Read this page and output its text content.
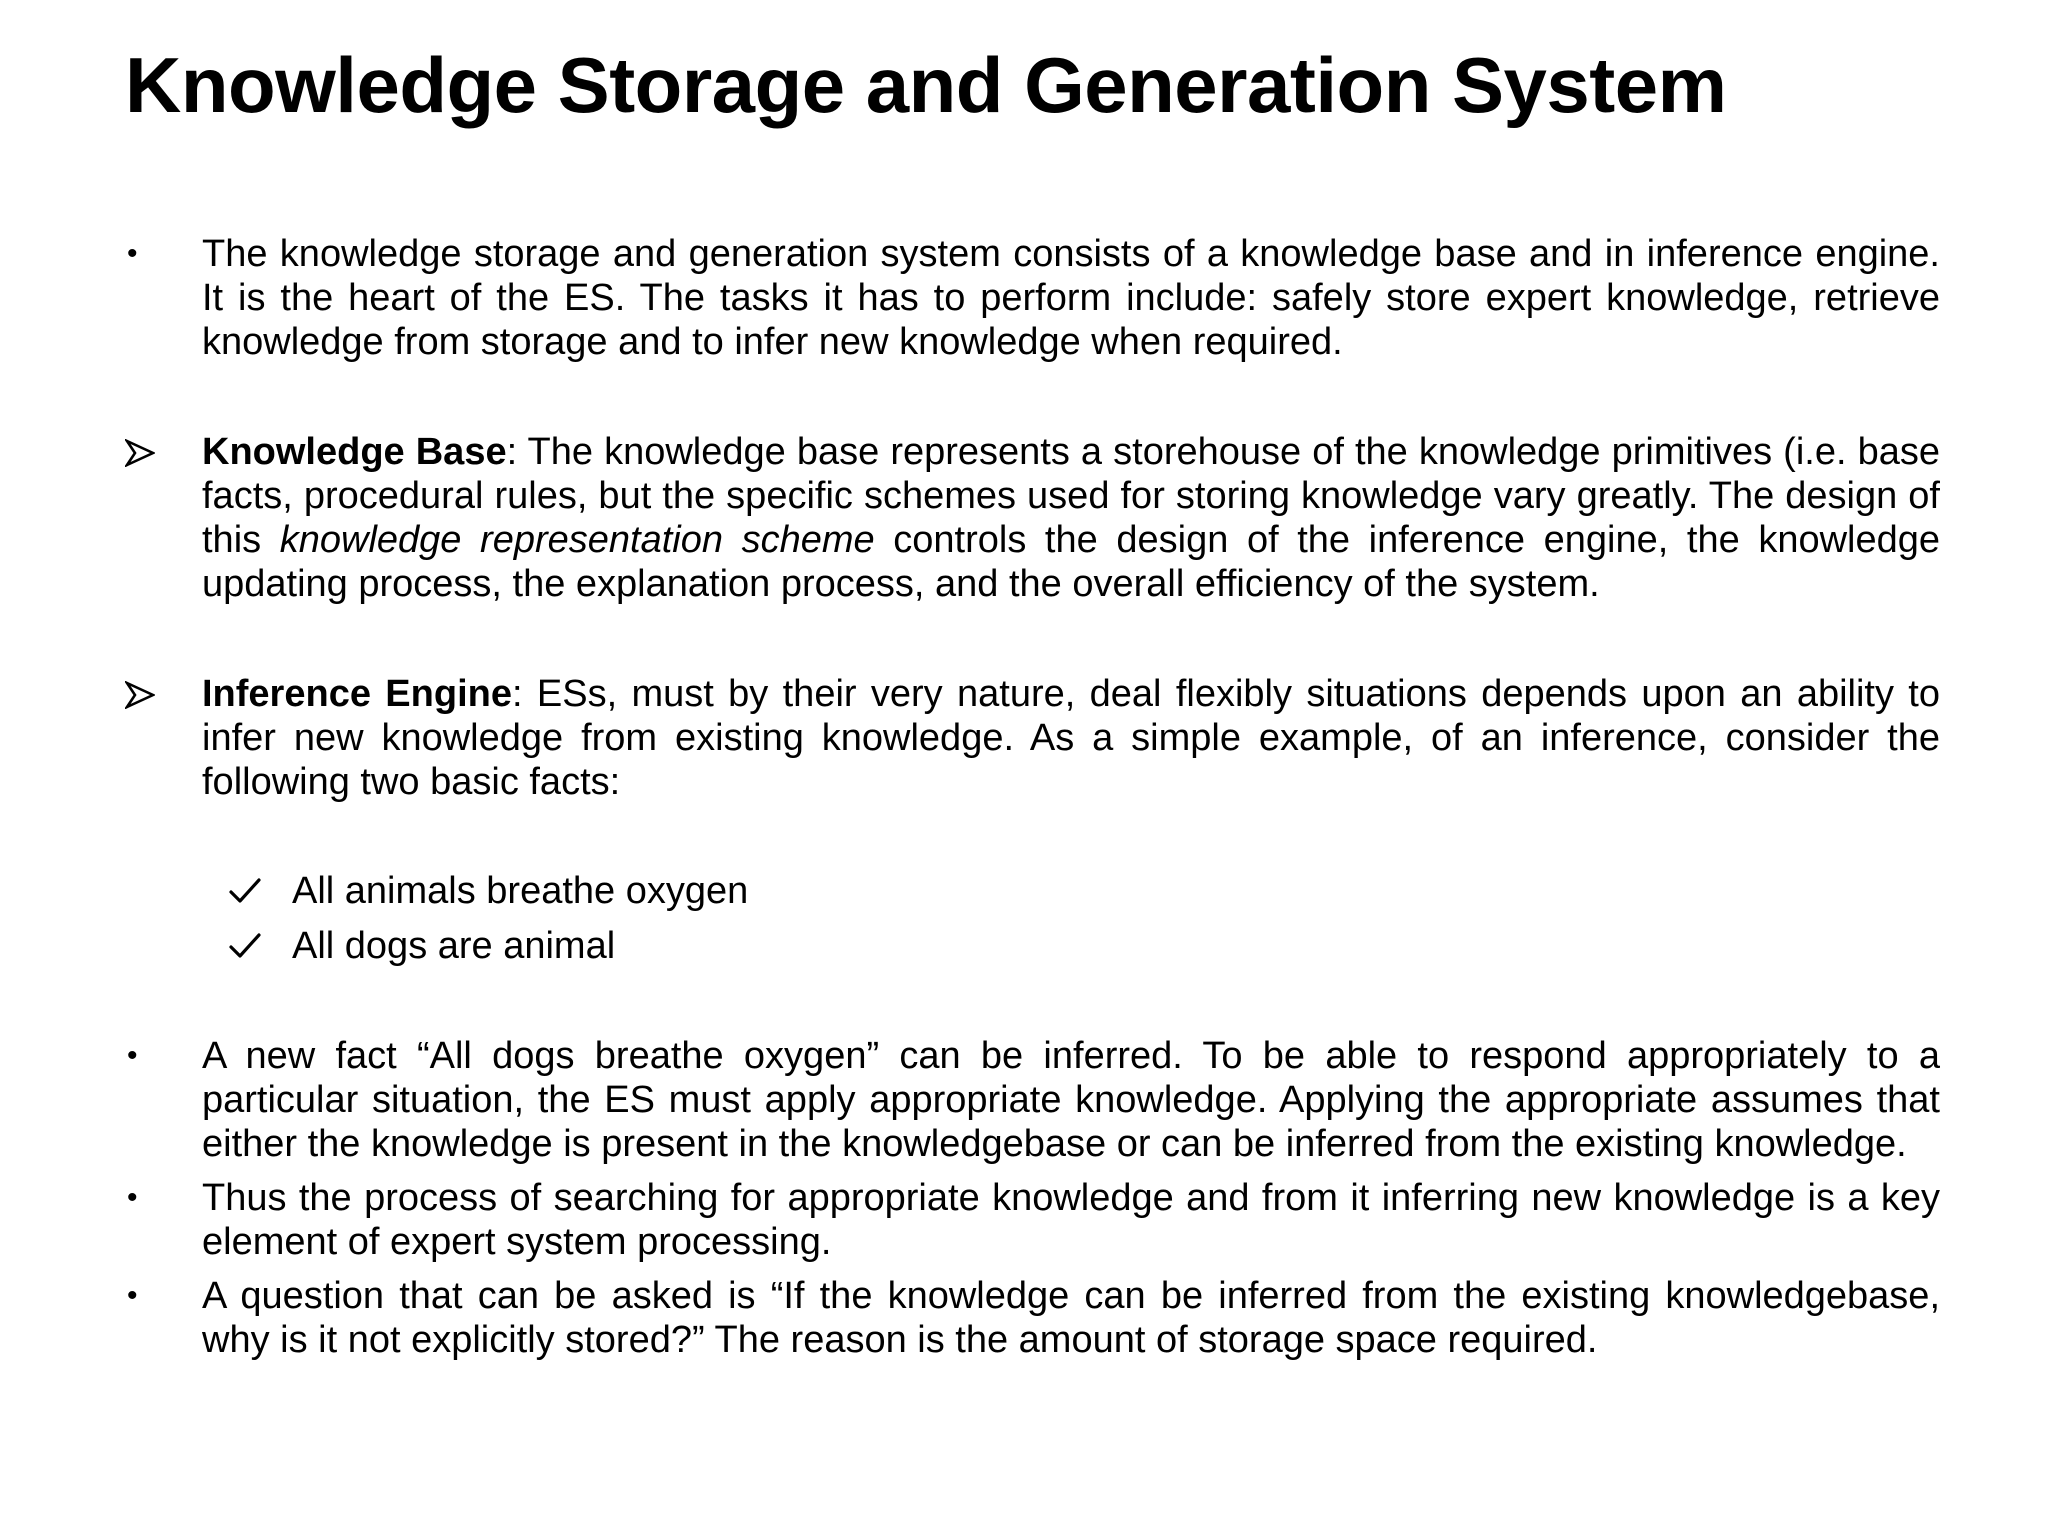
Knowledge Storage and Generation System
•	The knowledge storage and generation system consists of a knowledge base and in inference engine. It is the heart of the ES. The tasks it has to perform include: safely store expert knowledge, retrieve knowledge from storage and to infer new knowledge when required.
Knowledge Base: The knowledge base represents a storehouse of the knowledge primitives (i.e. base facts, procedural rules, but the specific schemes used for storing knowledge vary greatly. The design of this knowledge representation scheme controls the design of the inference engine, the knowledge updating process, the explanation process, and the overall efficiency of the system.
Inference Engine: ESs, must by their very nature, deal flexibly situations depends upon an ability to infer new knowledge from existing knowledge. As a simple example, of an inference, consider the following two basic facts:
All animals breathe oxygen
All dogs are animal
•	A new fact “All dogs breathe oxygen” can be inferred. To be able to respond appropriately to a particular situation, the ES must apply appropriate knowledge. Applying the appropriate assumes that either the knowledge is present in the knowledgebase or can be inferred from the existing knowledge.
•	Thus the process of searching for appropriate knowledge and from it inferring new knowledge is a key element of expert system processing.
•	A question that can be asked is “If the knowledge can be inferred from the existing knowledgebase, why is it not explicitly stored?” The reason is the amount of storage space required.
